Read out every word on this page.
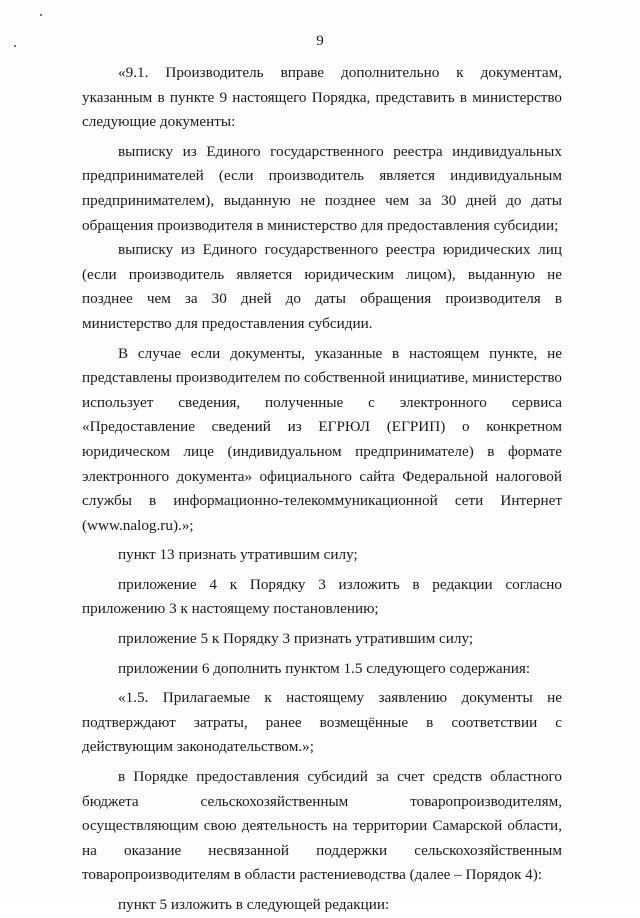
9

«9.1. Производитель вправе дополнительно к документам, указанным в пункте 9 настоящего Порядка, представить в министерство следующие документы:

выписку из Единого государственного реестра индивидуальных предпринимателей (если производитель является индивидуальным предпринимателем), выданную не позднее чем за 30 дней до даты обращения производителя в министерство для предоставления субсидии;

выписку из Единого государственного реестра юридических лиц (если производитель является юридическим лицом), выданную не позднее чем за 30 дней до даты обращения производителя в министерство для предоставления субсидии.

В случае если документы, указанные в настоящем пункте, не представлены производителем по собственной инициативе, министерство использует сведения, полученные с электронного сервиса «Предоставление сведений из ЕГРЮЛ (ЕГРИП) о конкретном юридическом лице (индивидуальном предпринимателе) в формате электронного документа» официального сайта Федеральной налоговой службы в информационно-телекоммуникационной сети Интернет (www.nalog.ru).»;

пункт 13 признать утратившим силу;

приложение 4 к Порядку 3 изложить в редакции согласно приложению 3 к настоящему постановлению;

приложение 5 к Порядку 3 признать утратившим силу;

приложении 6 дополнить пунктом 1.5 следующего содержания:

«1.5. Прилагаемые к настоящему заявлению документы не подтверждают затраты, ранее возмещённые в соответствии с действующим законодательством.»;

в Порядке предоставления субсидий за счет средств областного бюджета сельскохозяйственным товаропроизводителям, осуществляющим свою деятельность на территории Самарской области, на оказание несвязанной поддержки сельскохозяйственным товаропроизводителям в области растениеводства (далее – Порядок 4):

пункт 5 изложить в следующей редакции:
